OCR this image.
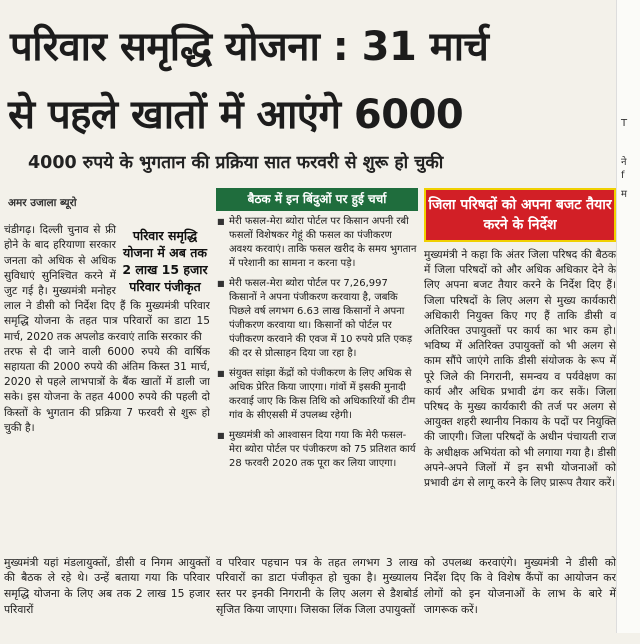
परिवार समृद्धि योजना : 31 मार्च
से पहले खातों में आएंगे 6000
4000 रुपये के भुगतान की प्रक्रिया सात फरवरी से शुरू हो चुकी
अमर उजाला ब्यूरो

परिवार समृद्धि योजना में अब तक 2 लाख 15 हजार परिवार पंजीकृत
चंडीगढ़। दिल्ली चुनाव से फ्री होने के बाद हरियाणा सरकार जनता को अधिक से अधिक सुविधाएं सुनिश्चित करने में जुट गई है। मुख्यमंत्री मनोहर लाल ने डीसी को निर्देश दिए हैं कि मुख्यमंत्री परिवार समृद्धि योजना के तहत पात्र परिवारों का डाटा 15 मार्च, 2020 तक अपलोड करवाएं ताकि सरकार की

तरफ से दी जाने वाली 6000 रुपये की वार्षिक सहायता की 2000 रुपये की अंतिम किस्त 31 मार्च, 2020 से पहले लाभपात्रों के बैंक खातों में डाली जा सके। इस योजना के तहत 4000 रुपये की पहली दो किस्तों के भुगतान की प्रक्रिया 7 फरवरी से शुरू हो चुकी है।

बैठक में इन बिंदुओं पर हुई चर्चा
■ मेरी फसल-मेरा ब्योरा पोर्टल पर किसान अपनी रबी फसलों विशेषकर गेहूं की फसल का पंजीकरण अवश्य करवाएं। ताकि फसल खरीद के समय भुगतान में परेशानी का सामना न करना पड़े।
■ मेरी फसल-मेरा ब्योरा पोर्टल पर 7,26,997 किसानों ने अपना पंजीकरण करवाया है, जबकि पिछले वर्ष लगभग 6.63 लाख किसानों ने अपना पंजीकरण करवाया था। किसानों को पोर्टल पर पंजीकरण करवाने की एवज में 10 रुपये प्रति एकड़ की दर से प्रोत्साहन दिया जा रहा है।
■ संयुक्त सांझा केंद्रों को पंजीकरण के लिए अधिक से अधिक प्रेरित किया जाएगा। गांवों में इसकी मुनादी करवाई जाए कि किस तिथि को अधिकारियों की टीम गांव के सीएससी में उपलब्ध रहेगी।
■ मुख्यमंत्री को आश्वासन दिया गया कि मेरी फसल-मेरा ब्योरा पोर्टल पर पंजीकरण को 75 प्रतिशत कार्य 28 फरवरी 2020 तक पूरा कर लिया जाएगा।
जिला परिषदों को अपना बजट तैयार करने के निर्देश

मुख्यमंत्री ने कहा कि अंतर जिला परिषद की बैठक में जिला परिषदों को और अधिक अधिकार देने के लिए अपना बजट तैयार करने के निर्देश दिए हैं। जिला परिषदों के लिए अलग से मुख्य कार्यकारी अधिकारी नियुक्त किए गए हैं ताकि डीसी व अतिरिक्त उपायुक्तों पर कार्य का भार कम हो। भविष्य में अतिरिक्त उपायुक्तों को भी अलग से काम सौंपे जाएंगे ताकि डीसी संयोजक के रूप में पूरे जिले की निगरानी, समन्वय व पर्यवेक्षण का कार्य और अधिक प्रभावी ढंग कर सकें। जिला परिषद के मुख्य कार्यकारी की तर्ज पर अलग से आयुक्त शहरी स्थानीय निकाय के पदों पर नियुक्ति की जाएगी। जिला परिषदों के अधीन पंचायती राज के अधीक्षक अभियंता को भी लगाया गया है। डीसी अपने-अपने जिलों में इन सभी योजनाओं को प्रभावी ढंग से लागू करने के लिए प्रारूप तैयार करें।

मुख्यमंत्री यहां मंडलायुक्तों, डीसी व निगम आयुक्तों की बैठक ले रहे थे। उन्हें बताया गया कि परिवार समृद्धि योजना के लिए अब तक 2 लाख 15 हजार परिवारों

व परिवार पहचान पत्र के तहत लगभग 3 लाख परिवारों का डाटा पंजीकृत हो चुका है। मुख्यालय स्तर पर इनकी निगरानी के लिए अलग से डैशबोर्ड सृजित किया जाएगा। जिसका लिंक जिला उपायुक्तों

को उपलब्ध करवाएंगे। मुख्यमंत्री ने डीसी को निर्देश दिए कि वे विशेष कैंपों का आयोजन कर लोगों को इन योजनाओं के लाभ के बारे में जागरूक करें।

T
ने
f
म
